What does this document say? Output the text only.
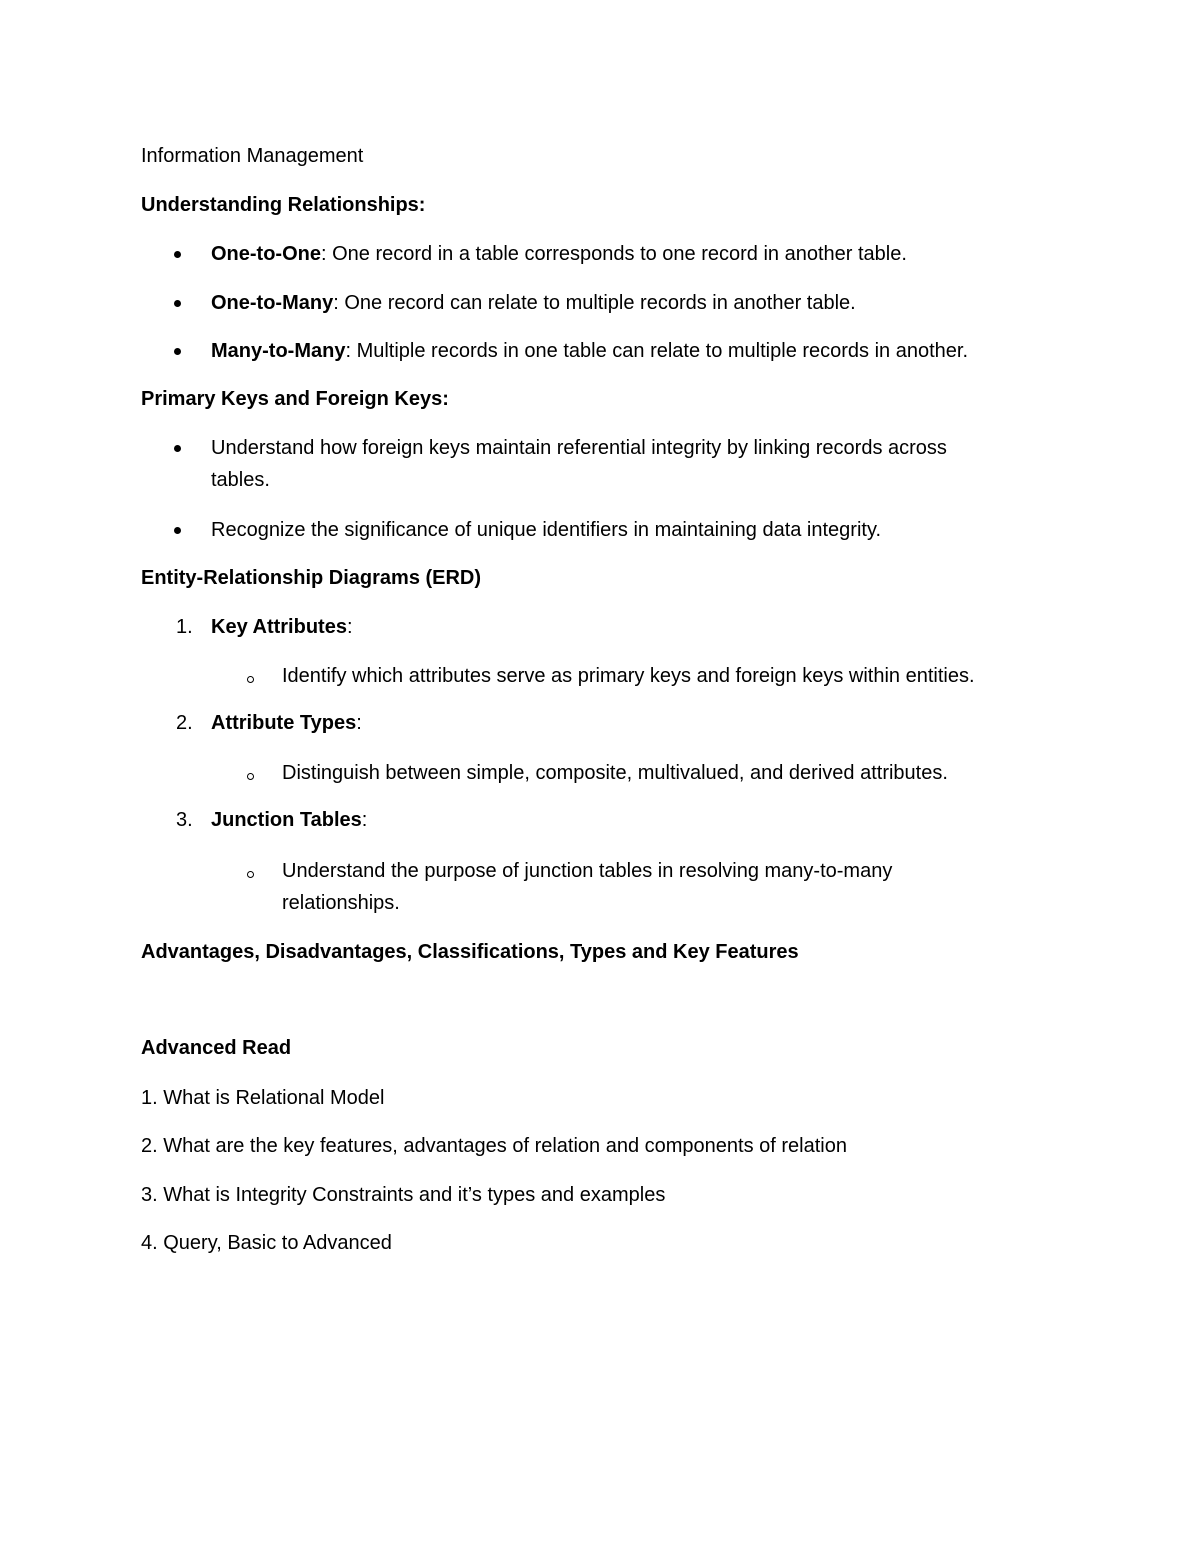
Information Management
Understanding Relationships:
One-to-One: One record in a table corresponds to one record in another table.
One-to-Many: One record can relate to multiple records in another table.
Many-to-Many: Multiple records in one table can relate to multiple records in another.
Primary Keys and Foreign Keys:
Understand how foreign keys maintain referential integrity by linking records across
tables.
Recognize the significance of unique identifiers in maintaining data integrity.
Entity-Relationship Diagrams (ERD)
1. Key Attributes:
Identify which attributes serve as primary keys and foreign keys within entities.
2. Attribute Types:
Distinguish between simple, composite, multivalued, and derived attributes.
3. Junction Tables:
Understand the purpose of junction tables in resolving many-to-many
relationships.
Advantages, Disadvantages, Classifications, Types and Key Features
Advanced Read
1. What is Relational Model
2. What are the key features, advantages of relation and components of relation
3. What is Integrity Constraints and it’s types and examples
4. Query, Basic to Advanced
